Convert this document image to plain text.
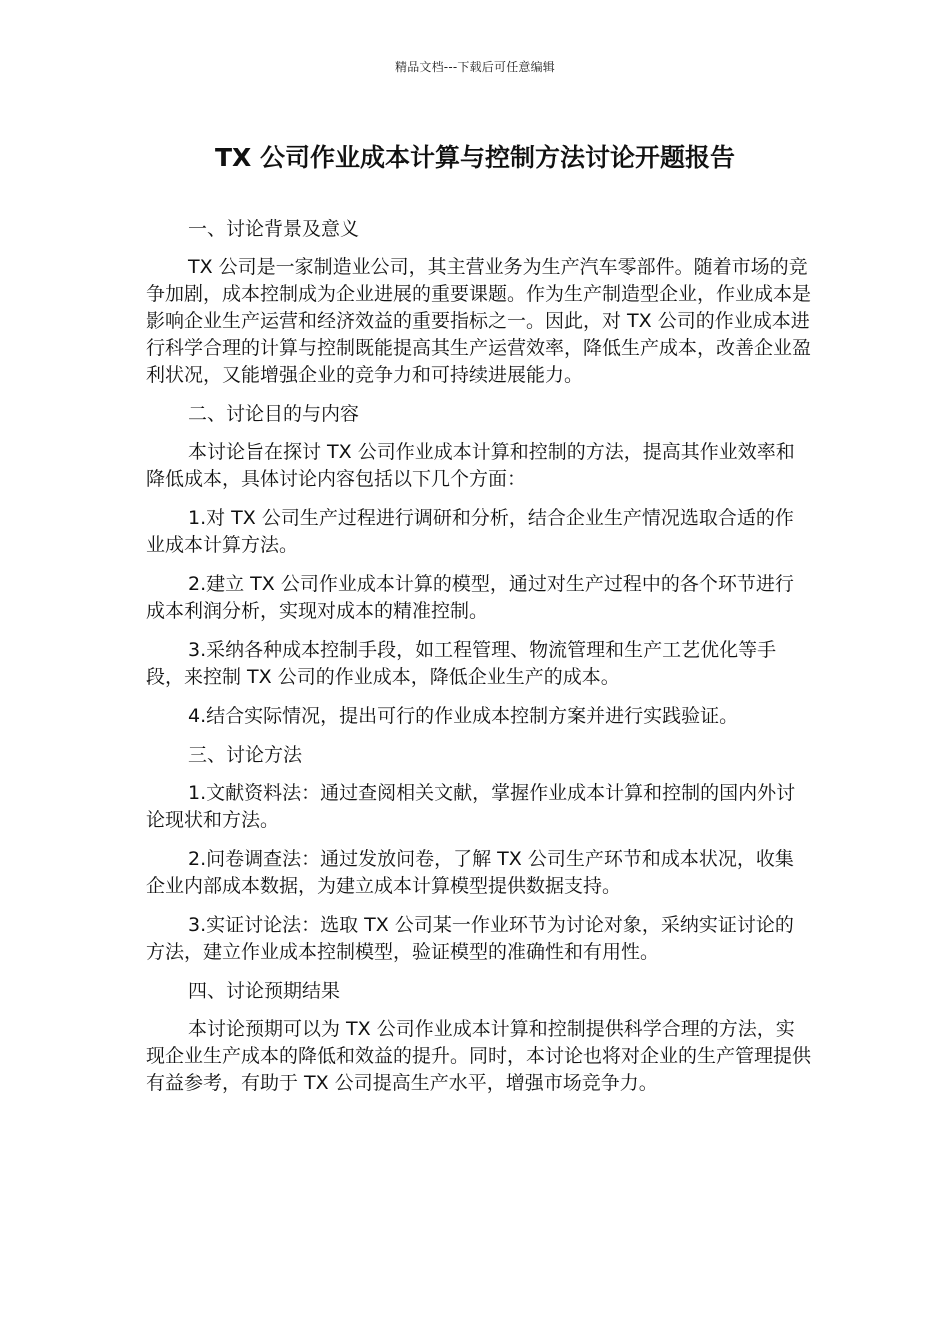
精品文档---下载后可任意编辑
TX 公司作业成本计算与控制方法讨论开题报告
一、讨论背景及意义

TX 公司是一家制造业公司，其主营业务为生产汽车零部件。随着市场的竞争加剧，成本控制成为企业进展的重要课题。作为生产制造型企业，作业成本是影响企业生产运营和经济效益的重要指标之一。因此，对 TX 公司的作业成本进行科学合理的计算与控制既能提高其生产运营效率，降低生产成本，改善企业盈利状况，又能增强企业的竞争力和可持续进展能力。

二、讨论目的与内容

本讨论旨在探讨 TX 公司作业成本计算和控制的方法，提高其作业效率和降低成本，具体讨论内容包括以下几个方面：

1.对 TX 公司生产过程进行调研和分析，结合企业生产情况选取合适的作业成本计算方法。

2.建立 TX 公司作业成本计算的模型，通过对生产过程中的各个环节进行成本利润分析，实现对成本的精准控制。

3.采纳各种成本控制手段，如工程管理、物流管理和生产工艺优化等手段，来控制 TX 公司的作业成本，降低企业生产的成本。

4.结合实际情况，提出可行的作业成本控制方案并进行实践验证。

三、讨论方法

1.文献资料法：通过查阅相关文献，掌握作业成本计算和控制的国内外讨论现状和方法。

2.问卷调查法：通过发放问卷，了解 TX 公司生产环节和成本状况，收集企业内部成本数据，为建立成本计算模型提供数据支持。

3.实证讨论法：选取 TX 公司某一作业环节为讨论对象，采纳实证讨论的方法，建立作业成本控制模型，验证模型的准确性和有用性。

四、讨论预期结果

本讨论预期可以为 TX 公司作业成本计算和控制提供科学合理的方法，实现企业生产成本的降低和效益的提升。同时，本讨论也将对企业的生产管理提供有益参考，有助于 TX 公司提高生产水平，增强市场竞争力。
